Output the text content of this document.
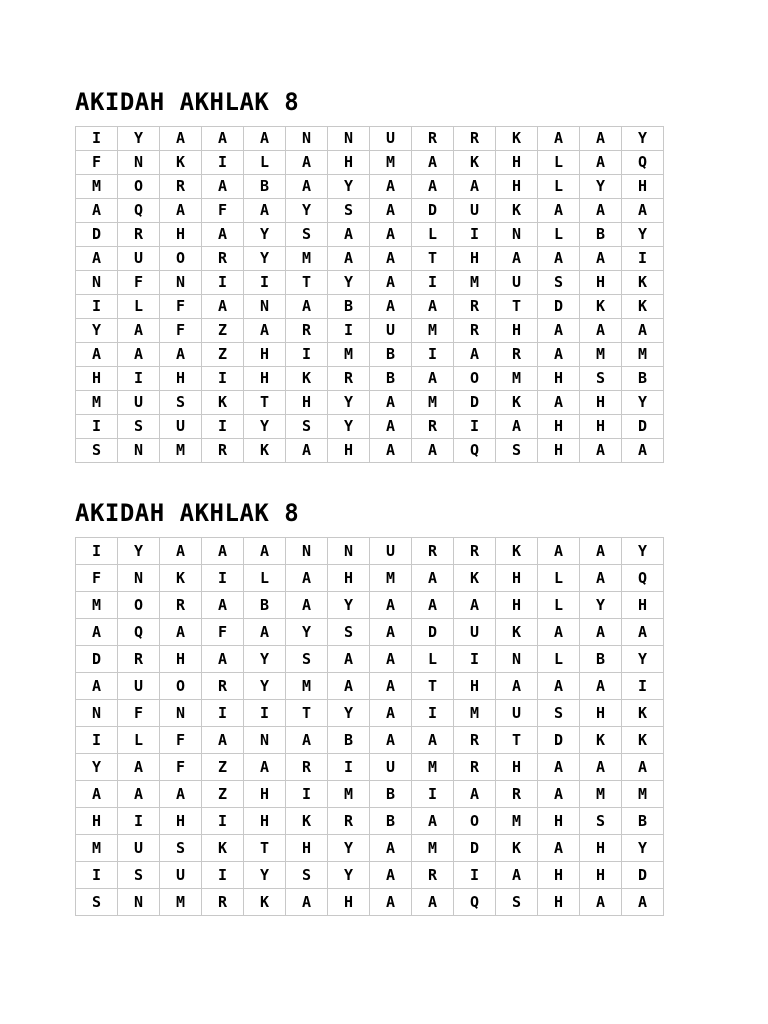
AKIDAH AKHLAK 8
I	Y	A	A	A	N	N	U	R	R	K	A	A	Y
F	N	K	I	L	A	H	M	A	K	H	L	A	Q
M	O	R	A	B	A	Y	A	A	A	H	L	Y	H
A	Q	A	F	A	Y	S	A	D	U	K	A	A	A
D	R	H	A	Y	S	A	A	L	I	N	L	B	Y
A	U	O	R	Y	M	A	A	T	H	A	A	A	I
N	F	N	I	I	T	Y	A	I	M	U	S	H	K
I	L	F	A	N	A	B	A	A	R	T	D	K	K
Y	A	F	Z	A	R	I	U	M	R	H	A	A	A
A	A	A	Z	H	I	M	B	I	A	R	A	M	M
H	I	H	I	H	K	R	B	A	O	M	H	S	B
M	U	S	K	T	H	Y	A	M	D	K	A	H	Y
I	S	U	I	Y	S	Y	A	R	I	A	H	H	D
S	N	M	R	K	A	H	A	A	Q	S	H	A	A
AKIDAH AKHLAK 8
I	Y	A	A	A	N	N	U	R	R	K	A	A	Y
F	N	K	I	L	A	H	M	A	K	H	L	A	Q
M	O	R	A	B	A	Y	A	A	A	H	L	Y	H
A	Q	A	F	A	Y	S	A	D	U	K	A	A	A
D	R	H	A	Y	S	A	A	L	I	N	L	B	Y
A	U	O	R	Y	M	A	A	T	H	A	A	A	I
N	F	N	I	I	T	Y	A	I	M	U	S	H	K
I	L	F	A	N	A	B	A	A	R	T	D	K	K
Y	A	F	Z	A	R	I	U	M	R	H	A	A	A
A	A	A	Z	H	I	M	B	I	A	R	A	M	M
H	I	H	I	H	K	R	B	A	O	M	H	S	B
M	U	S	K	T	H	Y	A	M	D	K	A	H	Y
I	S	U	I	Y	S	Y	A	R	I	A	H	H	D
S	N	M	R	K	A	H	A	A	Q	S	H	A	A
